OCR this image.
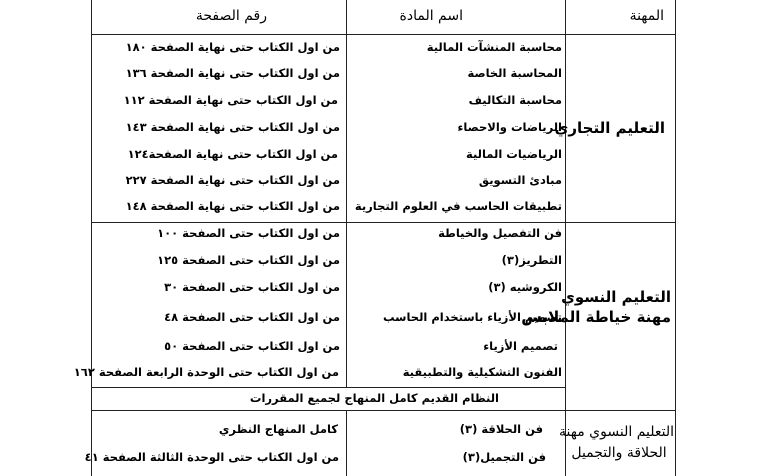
المهنة
اسم المادة
رقم الصفحة
التعليم التجاري
محاسبة المنشآت المالية
من اول الكتاب حتى نهاية الصفحة ١٨٠
المحاسبة الخاصة
من اول الكتاب حتى نهاية الصفحة ١٣٦
محاسبة التكاليف
من اول الكتاب حتى نهاية الصفحة ١١٢
الرياضات والاحصاء
من اول الكتاب حتى نهاية الصفحة ١٤٣
الرياضيات المالية
من اول الكتاب حتى نهاية الصفحة١٢٤
مبادئ التسويق
من اول الكتاب حتى نهاية الصفحة ٢٢٧
تطبيقات الحاسب في العلوم التجارية
من اول الكتاب حتى نهاية الصفحة ١٤٨
التعليم النسوي
مهنة خياطة الملابس
فن التفصيل والخياطة
من اول الكتاب حتى الصفحة ١٠٠
التطريز(٣)
من اول الكتاب حتى الصفحة ١٢٥
الكروشيه (٣)
من اول الكتاب حتى الصفحة ٣٠
تصميم الأزياء باستخدام الحاسب
من اول الكتاب حتى الصفحة ٤٨
تصميم الأزياء
من اول الكتاب حتى الصفحة ٥٠
الفنون التشكيلية والتطبيقية
من اول الكتاب حتى الوحدة الرابعة الصفحة ١٦٢
النظام القديم كامل المنهاج لجميع المقررات
التعليم النسوي مهنة
الحلاقة والتجميل
فن الحلاقة (٣)
كامل المنهاج النظري
فن التجميل(٣)
من اول الكتاب حتى الوحدة الثالثة الصفحة ٤١
